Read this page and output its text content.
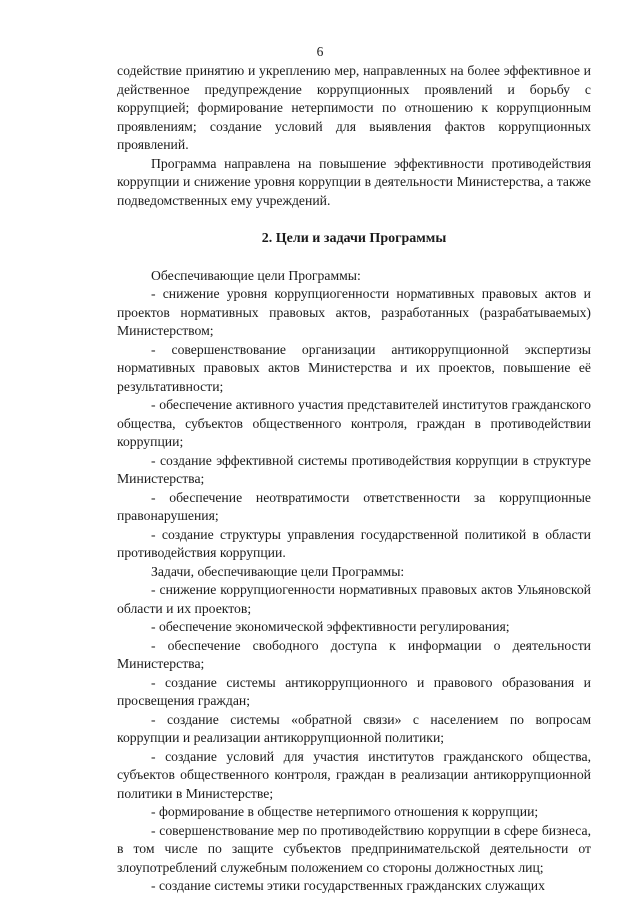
6

содействие принятию и укреплению мер, направленных на более эффективное и действенное предупреждение коррупционных проявлений и борьбу с коррупцией; формирование нетерпимости по отношению к коррупционным проявлениям; создание условий для выявления фактов коррупционных проявлений.

Программа направлена на повышение эффективности противодействия коррупции и снижение уровня коррупции в деятельности Министерства, а также подведомственных ему учреждений.

2. Цели и задачи Программы

Обеспечивающие цели Программы:

- снижение уровня коррупциогенности нормативных правовых актов и проектов нормативных правовых актов, разработанных (разрабатываемых) Министерством;

- совершенствование организации антикоррупционной экспертизы нормативных правовых актов Министерства и их проектов, повышение её результативности;

- обеспечение активного участия представителей институтов гражданского общества, субъектов общественного контроля, граждан в противодействии коррупции;

- создание эффективной системы противодействия коррупции в структуре Министерства;

- обеспечение неотвратимости ответственности за коррупционные правонарушения;

- создание структуры управления государственной политикой в области противодействия коррупции.

Задачи, обеспечивающие цели Программы:

- снижение коррупциогенности нормативных правовых актов Ульяновской области и их проектов;

- обеспечение экономической эффективности регулирования;

- обеспечение свободного доступа к информации о деятельности Министерства;

- создание системы антикоррупционного и правового образования и просвещения граждан;

- создание системы «обратной связи» с населением по вопросам коррупции и реализации антикоррупционной политики;

- создание условий для участия институтов гражданского общества, субъектов общественного контроля, граждан в реализации антикоррупционной политики в Министерстве;

- формирование в обществе нетерпимого отношения к коррупции;

- совершенствование мер по противодействию коррупции в сфере бизнеса, в том числе по защите субъектов предпринимательской деятельности от злоупотреблений служебным положением со стороны должностных лиц;

- создание системы этики государственных гражданских служащих
